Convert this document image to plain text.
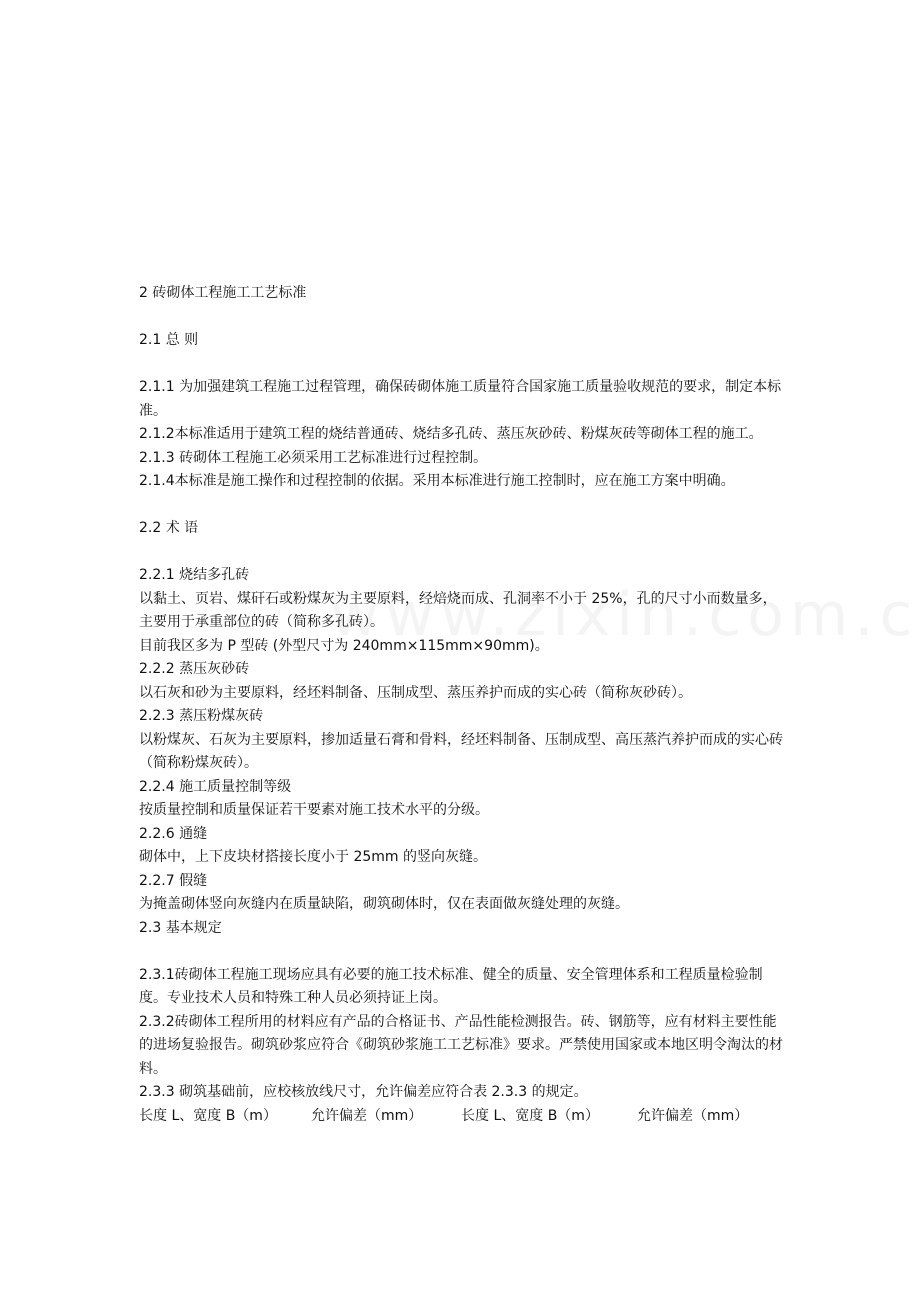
2 砖砌体工程施工工艺标准
2.1 总 则
2.1.1 为加强建筑工程施工过程管理，确保砖砌体施工质量符合国家施工质量验收规范的要求，制定本标准。
2.1.2本标准适用于建筑工程的烧结普通砖、烧结多孔砖、蒸压灰砂砖、粉煤灰砖等砌体工程的施工。
2.1.3 砖砌体工程施工必须采用工艺标准进行过程控制。
2.1.4本标准是施工操作和过程控制的依据。采用本标准进行施工控制时，应在施工方案中明确。
2.2 术 语
2.2.1 烧结多孔砖
以黏土、页岩、煤矸石或粉煤灰为主要原料，经焙烧而成、孔洞率不小于 25%，孔的尺寸小而数量多，主要用于承重部位的砖（简称多孔砖）。
目前我区多为 P 型砖 (外型尺寸为 240mm×115mm×90mm)。
2.2.2 蒸压灰砂砖
以石灰和砂为主要原料，经坯料制备、压制成型、蒸压养护而成的实心砖（简称灰砂砖）。
2.2.3 蒸压粉煤灰砖
以粉煤灰、石灰为主要原料，掺加适量石膏和骨料，经坯料制备、压制成型、高压蒸汽养护而成的实心砖（简称粉煤灰砖）。
2.2.4 施工质量控制等级
按质量控制和质量保证若干要素对施工技术水平的分级。
2.2.6 通缝
砌体中，上下皮块材搭接长度小于 25mm 的竖向灰缝。
2.2.7 假缝
为掩盖砌体竖向灰缝内在质量缺陷，砌筑砌体时，仅在表面做灰缝处理的灰缝。
2.3 基本规定
2.3.1砖砌体工程施工现场应具有必要的施工技术标准、健全的质量、安全管理体系和工程质量检验制度。专业技术人员和特殊工种人员必须持证上岗。
2.3.2砖砌体工程所用的材料应有产品的合格证书、产品性能检测报告。砖、钢筋等，应有材料主要性能的进场复验报告。砌筑砂浆应符合《砌筑砂浆施工工艺标准》要求。严禁使用国家或本地区明令淘汰的材料。
2.3.3 砌筑基础前，应校核放线尺寸，允许偏差应符合表 2.3.3 的规定。
长度 L、宽度 B（m）	允许偏差（mm）	长度 L、宽度 B（m）	允许偏差（mm）
